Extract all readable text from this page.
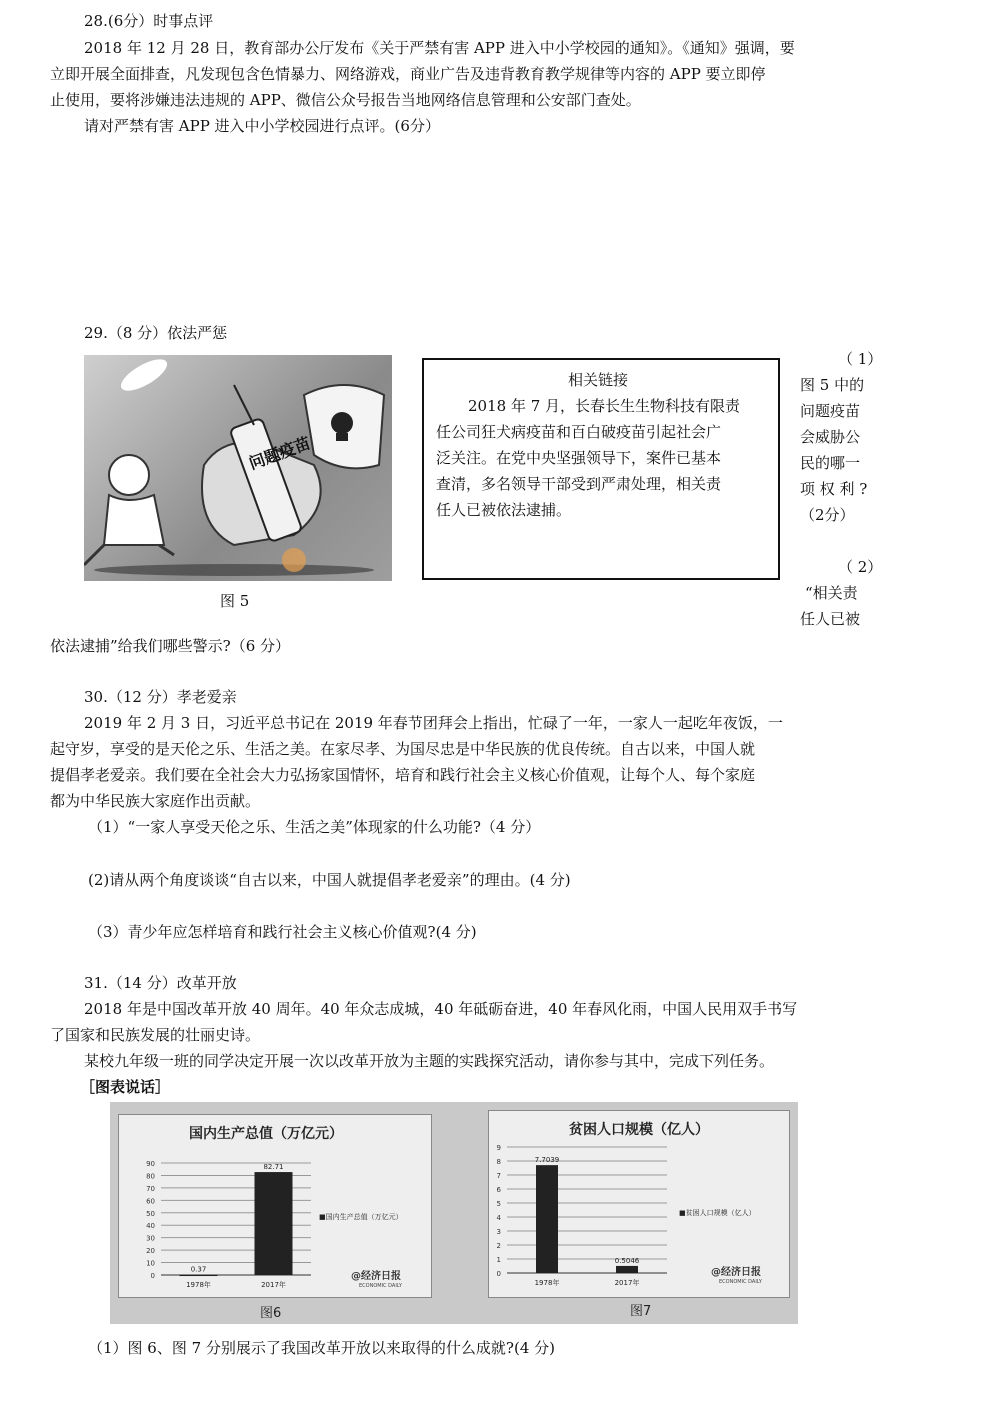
28.(6分）时事点评
2018 年 12 月 28 日，教育部办公厅发布《关于严禁有害 APP 进入中小学校园的通知》。《通知》强调，要
立即开展全面排查，凡发现包含色情暴力、网络游戏，商业广告及违背教育教学规律等内容的 APP 要立即停
止使用，要将涉嫌违法违规的 APP、微信公众号报告当地网络信息管理和公安部门查处。
请对严禁有害 APP 进入中小学校园进行点评。(6分）
29.（8 分）依法严惩
问题疫苗
图 5
相关链接
2018 年 7 月，长春长生生物科技有限责
任公司狂犬病疫苗和百白破疫苗引起社会广
泛关注。在党中央坚强领导下，案件已基本
查清，多名领导干部受到严肃处理，相关责
任人已被依法逮捕。
（ 1）
图 5 中的
问题疫苗
会威胁公
民的哪一
项 权 利 ?
（2分）
（ 2）
“相关责
任人已被
依法逮捕”给我们哪些警示?（6 分）
30.（12 分）孝老爱亲
2019 年 2 月 3 日，习近平总书记在 2019 年春节团拜会上指出，忙碌了一年，一家人一起吃年夜饭，一
起守岁，享受的是天伦之乐、生活之美。在家尽孝、为国尽忠是中华民族的优良传统。自古以来，中国人就
提倡孝老爱亲。我们要在全社会大力弘扬家国情怀，培育和践行社会主义核心价值观，让每个人、每个家庭
都为中华民族大家庭作出贡献。
（1）“一家人享受天伦之乐、生活之美”体现家的什么功能?（4 分）
(2)请从两个角度谈谈“自古以来，中国人就提倡孝老爱亲”的理由。(4 分)
（3）青少年应怎样培育和践行社会主义核心价值观?(4 分)
31.（14 分）改革开放
2018 年是中国改革开放 40 周年。40 年众志成城，40 年砥砺奋进，40 年春风化雨，中国人民用双手书写
了国家和民族发展的壮丽史诗。
某校九年级一班的同学决定开展一次以改革开放为主题的实践探究活动，请你参与其中，完成下列任务。
［图表说话］
国内生产总值（万亿元）
0
10
20
30
40
50
60
70
80
90
0.37
1978年
82.71
2017年
■国内生产总值（万亿元）
@经济日报
ECONOMIC DAILY
图6
贫困人口规模（亿人）
0
1
2
3
4
5
6
7
8
9
7.7039
1978年
0.5046
2017年
■贫困人口规模（亿人）
@经济日报
ECONOMIC DAILY
图7
（1）图 6、图 7 分别展示了我国改革开放以来取得的什么成就?(4 分)
